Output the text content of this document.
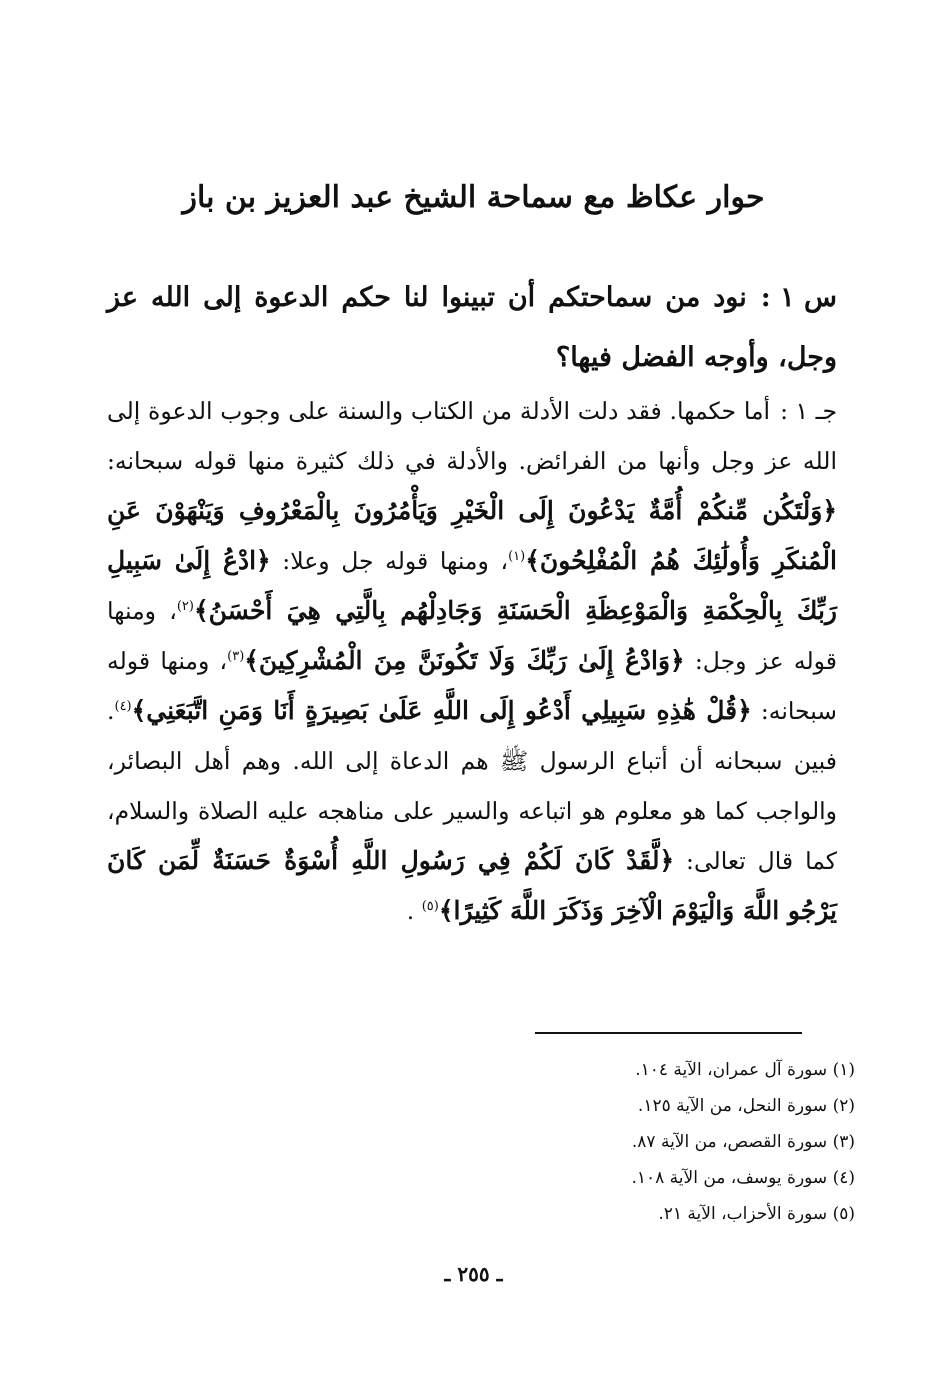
حوار عكاظ مع سماحة الشيخ عبد العزيز بن باز
س ١ :نود من سماحتكم أن تبينوا لنا حكم الدعوة إلى الله عز وجل، وأوجه الفضل فيها؟
جـ ١ :أما حكمها. فقد دلت الأدلة من الكتاب والسنة على وجوب الدعوة إلى الله عز وجل وأنها من الفرائض. والأدلة في ذلك كثيرة منها قوله سبحانه: ﴿وَلْتَكُن مِّنكُمْ أُمَّةٌ يَدْعُونَ إِلَى الْخَيْرِ وَيَأْمُرُونَ بِالْمَعْرُوفِ وَيَنْهَوْنَ عَنِ الْمُنكَرِ وَأُولَٰئِكَ هُمُ الْمُفْلِحُونَ﴾$^{(١)}$، ومنها قوله جل وعلا: ﴿ادْعُ إِلَىٰ سَبِيلِ رَبِّكَ بِالْحِكْمَةِ وَالْمَوْعِظَةِ الْحَسَنَةِ وَجَادِلْهُم بِالَّتِي هِيَ أَحْسَنُ﴾$^{(٢)}$، ومنها قوله عز وجل: ﴿وَادْعُ إِلَىٰ رَبِّكَ وَلَا تَكُونَنَّ مِنَ الْمُشْرِكِينَ﴾$^{(٣)}$، ومنها قوله سبحانه: ﴿قُلْ هَٰذِهِ سَبِيلِي أَدْعُو إِلَى اللَّهِ عَلَىٰ بَصِيرَةٍ أَنَا وَمَنِ اتَّبَعَنِي﴾$^{(٤)}$. فبين سبحانه أن أتباع الرسول ﷺ هم الدعاة إلى الله. وهم أهل البصائر، والواجب كما هو معلوم هو اتباعه والسير على مناهجه عليه الصلاة والسلام، كما قال تعالى: ﴿لَّقَدْ كَانَ لَكُمْ فِي رَسُولِ اللَّهِ أُسْوَةٌ حَسَنَةٌ لِّمَن كَانَ يَرْجُو اللَّهَ وَالْيَوْمَ الْآخِرَ وَذَكَرَ اللَّهَ كَثِيرًا﴾$^{(٥)}$ .
(١) سورة آل عمران، الآية ١٠٤.
(٢) سورة النحل، من الآية ١٢٥.
(٣) سورة القصص، من الآية ٨٧.
(٤) سورة يوسف، من الآية ١٠٨.
(٥) سورة الأحزاب، الآية ٢١.
ـ ٢٥٥ ـ
